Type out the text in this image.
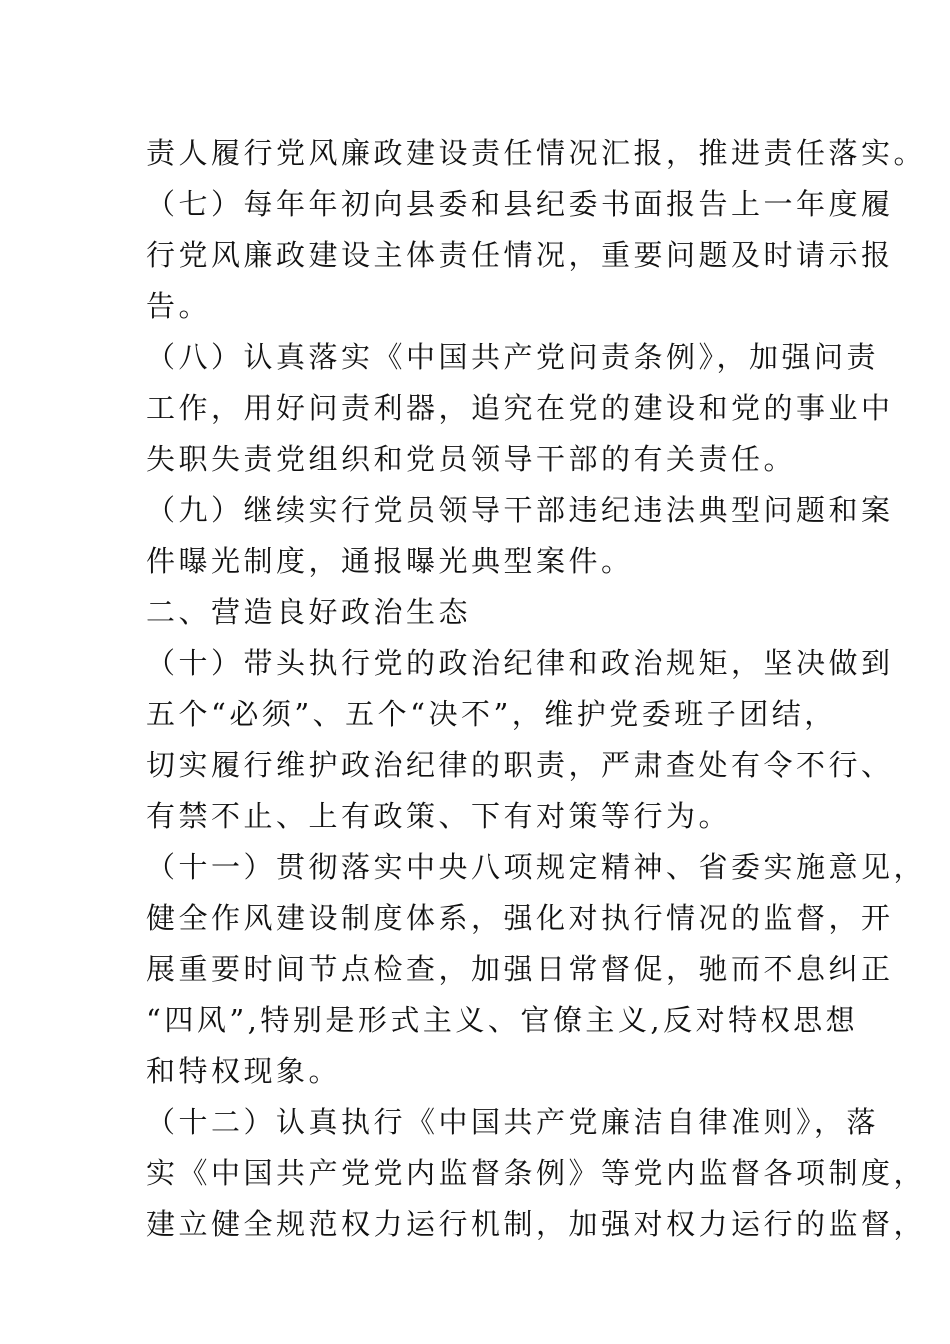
责人履行党风廉政建设责任情况汇报，推进责任落实。
（七）每年年初向县委和县纪委书面报告上一年度履
行党风廉政建设主体责任情况，重要问题及时请示报
告。
（八）认真落实《中国共产党问责条例》，加强问责
工作，用好问责利器，追究在党的建设和党的事业中
失职失责党组织和党员领导干部的有关责任。
（九）继续实行党员领导干部违纪违法典型问题和案
件曝光制度，通报曝光典型案件。
二、营造良好政治生态
（十）带头执行党的政治纪律和政治规矩，坚决做到
五个“必须”、五个“决不”，维护党委班子团结，
切实履行维护政治纪律的职责，严肃查处有令不行、
有禁不止、上有政策、下有对策等行为。
（十一）贯彻落实中央八项规定精神、省委实施意见，
健全作风建设制度体系，强化对执行情况的监督，开
展重要时间节点检查，加强日常督促，驰而不息纠正
“四风”,特别是形式主义、官僚主义,反对特权思想
和特权现象。
（十二）认真执行《中国共产党廉洁自律准则》，落
实《中国共产党党内监督条例》等党内监督各项制度，
建立健全规范权力运行机制，加强对权力运行的监督，
